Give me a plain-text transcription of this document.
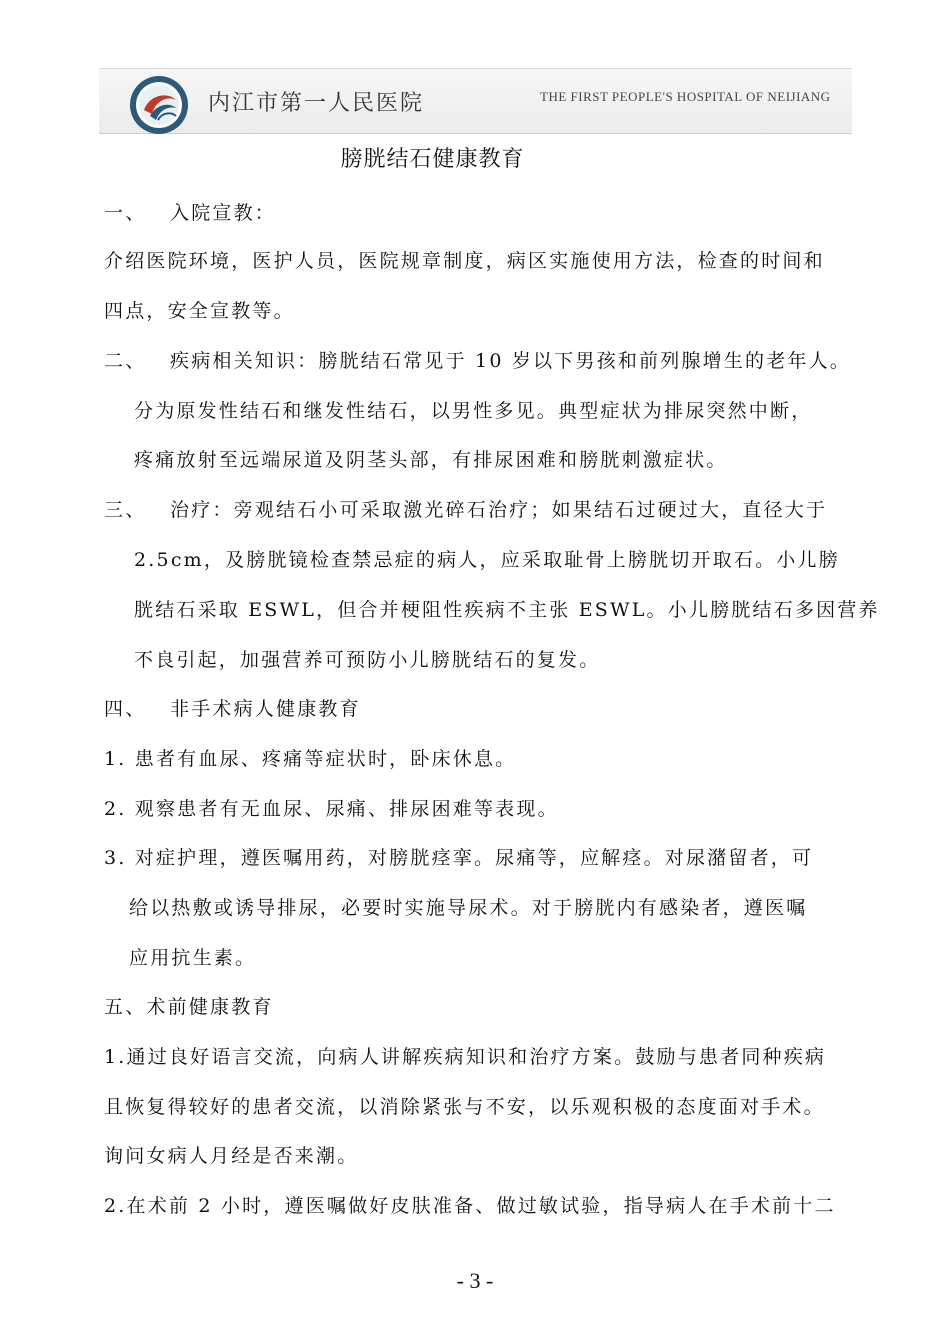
内江市第一人民医院	THE FIRST PEOPLE'S HOSPITAL OF NEIJIANG
膀胱结石健康教育
一、 入院宣教：
介绍医院环境，医护人员，医院规章制度，病区实施使用方法，检查的时间和
四点，安全宣教等。
二、 疾病相关知识：膀胱结石常见于 10 岁以下男孩和前列腺增生的老年人。
分为原发性结石和继发性结石，以男性多见。典型症状为排尿突然中断，
疼痛放射至远端尿道及阴茎头部，有排尿困难和膀胱刺激症状。
三、 治疗：旁观结石小可采取激光碎石治疗；如果结石过硬过大，直径大于
2.5cm，及膀胱镜检查禁忌症的病人，应采取耻骨上膀胱切开取石。小儿膀
胱结石采取 ESWL，但合并梗阻性疾病不主张 ESWL。小儿膀胱结石多因营养
不良引起，加强营养可预防小儿膀胱结石的复发。
四、 非手术病人健康教育
1. 患者有血尿、疼痛等症状时，卧床休息。
2. 观察患者有无血尿、尿痛、排尿困难等表现。
3. 对症护理，遵医嘱用药，对膀胱痉挛。尿痛等，应解痉。对尿潴留者，可
给以热敷或诱导排尿，必要时实施导尿术。对于膀胱内有感染者，遵医嘱
应用抗生素。
五、术前健康教育
1.通过良好语言交流，向病人讲解疾病知识和治疗方案。鼓励与患者同种疾病
且恢复得较好的患者交流，以消除紧张与不安，以乐观积极的态度面对手术。
询问女病人月经是否来潮。
2.在术前 2 小时，遵医嘱做好皮肤准备、做过敏试验，指导病人在手术前十二
- 3 -
